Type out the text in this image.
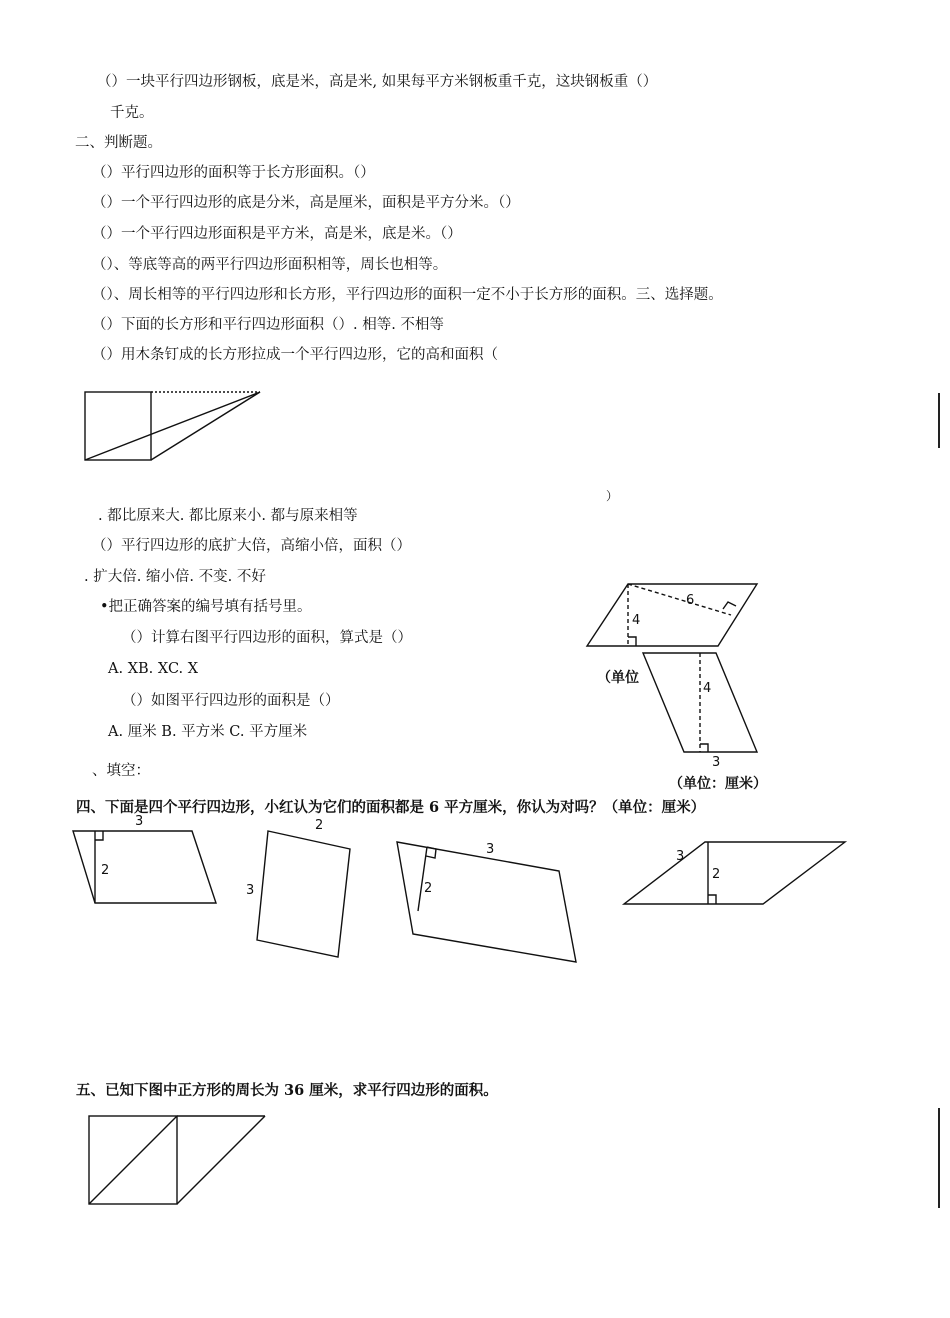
（）一块平行四边形钢板，底是米，高是米, 如果每平方米钢板重千克，这块钢板重（）
千克。
二、判断题。
（）平行四边形的面积等于长方形面积。（）
（）一个平行四边形的底是分米，高是厘米，面积是平方分米。（）
（）一个平行四边形面积是平方米，高是米，底是米。（）
（）、等底等高的两平行四边形面积相等，周长也相等。
（）、周长相等的平行四边形和长方形，平行四边形的面积一定不小于长方形的面积。三、选择题。
（）下面的长方形和平行四边形面积（）. 相等. 不相等
（）用木条钉成的长方形拉成一个平行四边形，它的高和面积（
）
. 都比原来大. 都比原来小. 都与原来相等
（）平行四边形的底扩大倍，高缩小倍，面积（）
. 扩大倍. 缩小倍. 不变. 不好
•把正确答案的编号填有括号里。
（）计算右图平行四边形的面积，算式是（）
A. XB. XC. X
（）如图平行四边形的面积是（）
A. 厘米 B. 平方米 C. 平方厘米
、填空：
四、下面是四个平行四边形，小红认为它们的面积都是 6 平方厘米，你认为对吗？（单位：厘米）
五、已知下图中正方形的周长为 36 厘米，求平行四边形的面积。
6
4
（单位
4
3
（单位：厘米）
3
2
2
3
3
2
3
2
